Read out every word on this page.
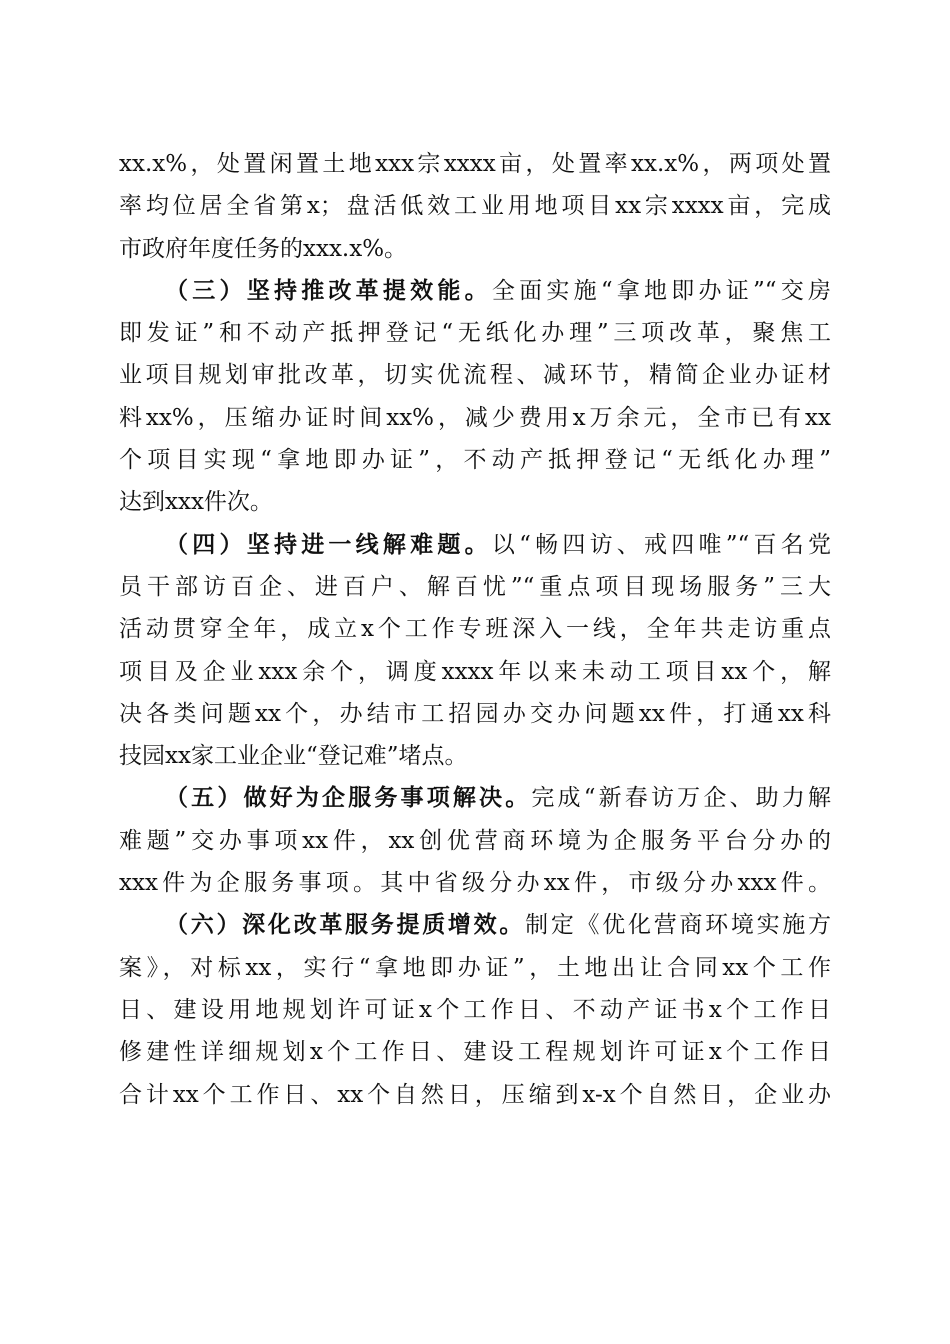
xx.x%，处置闲置土地xxx宗xxxx亩，处置率xx.x%，两项处置
率均位居全省第x；盘活低效工业用地项目xx宗xxxx亩，完成
市政府年度任务的xxx.x%。
（三）坚持推改革提效能。全面实施“拿地即办证”“交房
即发证”和不动产抵押登记“无纸化办理”三项改革，聚焦工
业项目规划审批改革，切实优流程、减环节，精简企业办证材
料xx%，压缩办证时间xx%，减少费用x万余元，全市已有xx
个项目实现“拿地即办证”，不动产抵押登记“无纸化办理”
达到xxx件次。
（四）坚持进一线解难题。以“畅四访、戒四唯”“百名党
员干部访百企、进百户、解百忧”“重点项目现场服务”三大
活动贯穿全年，成立x个工作专班深入一线，全年共走访重点
项目及企业xxx余个，调度xxxx年以来未动工项目xx个，解
决各类问题xx个，办结市工招园办交办问题xx件，打通xx科
技园xx家工业企业“登记难”堵点。
（五）做好为企服务事项解决。完成“新春访万企、助力解
难题”交办事项xx件，xx创优营商环境为企服务平台分办的
xxx件为企服务事项。其中省级分办xx件，市级分办xxx件。
（六）深化改革服务提质增效。制定《优化营商环境实施方
案》，对标xx，实行“拿地即办证”，土地出让合同xx个工作
日、建设用地规划许可证x个工作日、不动产证书x个工作日
修建性详细规划x个工作日、建设工程规划许可证x个工作日
合计xx个工作日、xx个自然日，压缩到x-x个自然日，企业办
